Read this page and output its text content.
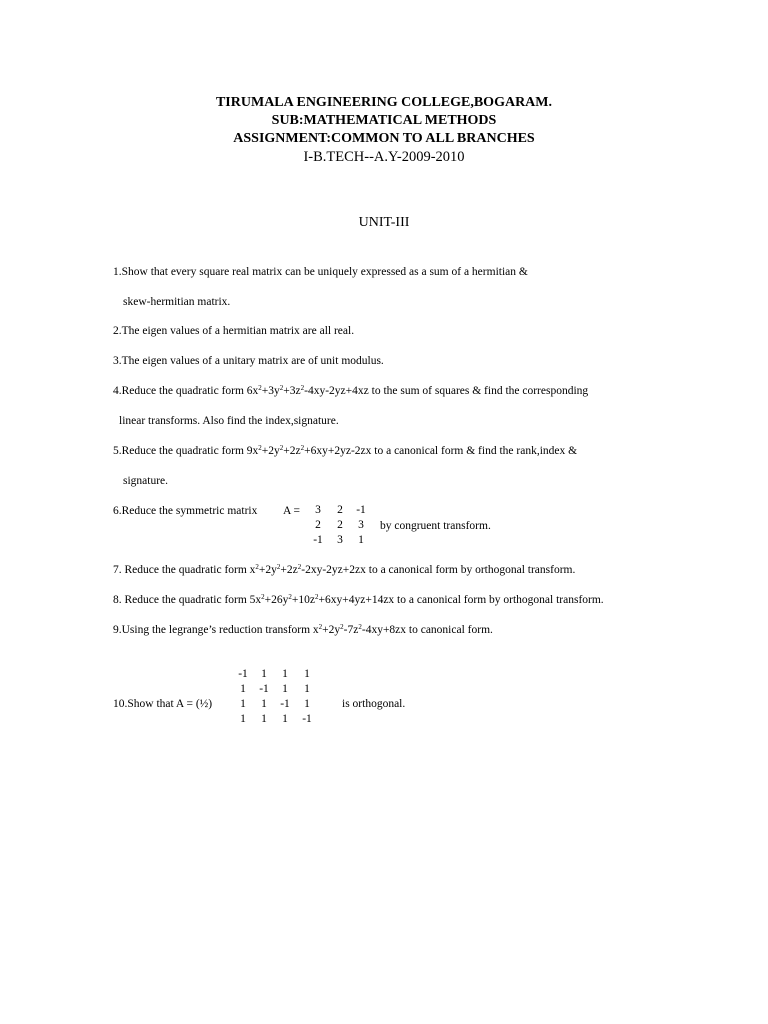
TIRUMALA ENGINEERING COLLEGE,BOGARAM.
SUB:MATHEMATICAL METHODS
ASSIGNMENT:COMMON TO ALL BRANCHES
I-B.TECH--A.Y-2009-2010
UNIT-III
1.Show that every square real matrix can be uniquely expressed as a sum of a hermitian &
skew-hermitian matrix.
2.The eigen values of a hermitian matrix are all real.
3.The eigen values of a unitary matrix are of unit modulus.
4.Reduce the quadratic form $6x^2+3y^2+3z^2-4xy-2yz+4xz$ to the sum of squares & find the corresponding
linear transforms. Also find the index,signature.
5.Reduce the quadratic form $9x^2+2y^2+2z^2+6xy+2yz-2zx$ to a canonical form & find the rank,index &
signature.
6.Reduce the symmetric matrix A =	3 2 -1
2 2 3
-1 3 1
by congruent transform.
7. Reduce the quadratic form $x^2+2y^2+2z^2-2xy-2yz+2zx$ to a canonical form by orthogonal transform.
8. Reduce the quadratic form $5x^2+26y^2+10z^2+6xy+4yz+14zx$ to a canonical form by orthogonal transform.
9.Using the legrange’s reduction transform $x^2+2y^2-7z^2-4xy+8zx$ to canonical form.
10.Show that A = (½)
-1 1 1 1
1 -1 1 1
1 1 -1 1
1 1 1 -1
is orthogonal.
